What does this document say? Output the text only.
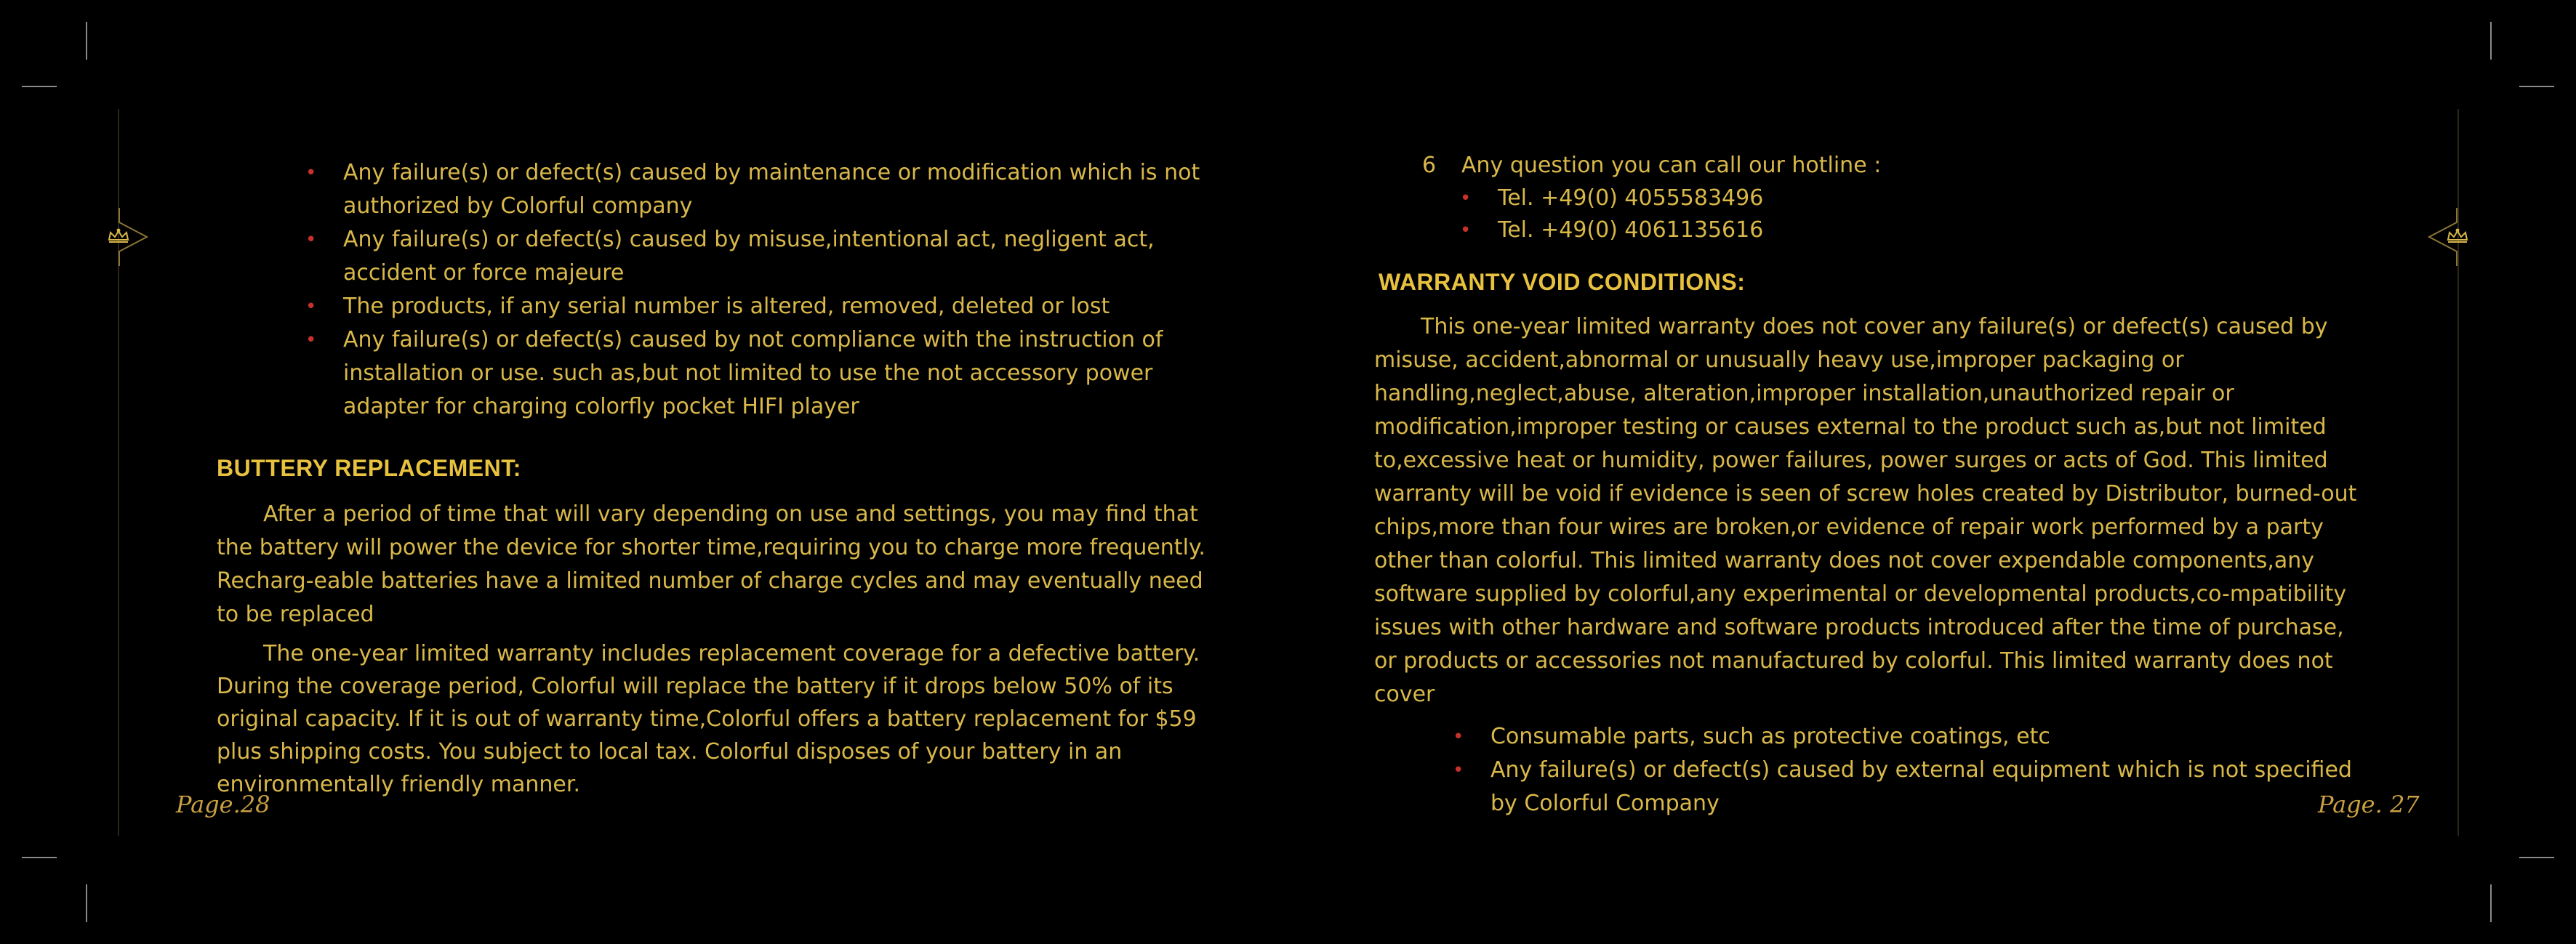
• Any failure(s) or defect(s) caused by maintenance or modification which is not authorized by Colorful company
• Any failure(s) or defect(s) caused by misuse,intentional act, negligent act, accident or force majeure
• The products, if any serial number is altered, removed, deleted or lost
• Any failure(s) or defect(s) caused by not compliance with the instruction of installation or use. such as,but not limited to use the not accessory power adapter for charging colorfly pocket HIFI player
BUTTERY REPLACEMENT:

After a period of time that will vary depending on use and settings, you may find that the battery will power the device for shorter time,requiring you to charge more frequently. Recharg-eable batteries have a limited number of charge cycles and may eventually need to be replaced

The one-year limited warranty includes replacement coverage for a defective battery. During the coverage period, Colorful will replace the battery if it drops below 50% of its original capacity. If it is out of warranty time,Colorful offers a battery replacement for $59 plus shipping costs. You subject to local tax. Colorful disposes of your battery in an environmentally friendly manner.

Page.28
6 Any question you can call our hotline :
• Tel. +49(0) 4055583496
• Tel. +49(0) 4061135616
WARRANTY VOID CONDITIONS:

This one-year limited warranty does not cover any failure(s) or defect(s) caused by misuse, accident,abnormal or unusually heavy use,improper packaging or handling,neglect,abuse, alteration,improper installation,unauthorized repair or modification,improper testing or causes external to the product such as,but not limited to,excessive heat or humidity, power failures, power surges or acts of God. This limited warranty will be void if evidence is seen of screw holes created by Distributor, burned-out chips,more than four wires are broken,or evidence of repair work performed by a party other than colorful. This limited warranty does not cover expendable components,any software supplied by colorful,any experimental or developmental products,co-mpatibility issues with other hardware and software products introduced after the time of purchase, or products or accessories not manufactured by colorful. This limited warranty does not cover

• Consumable parts, such as protective coatings, etc
• Any failure(s) or defect(s) caused by external equipment which is not specified by Colorful Company	Page. 27
